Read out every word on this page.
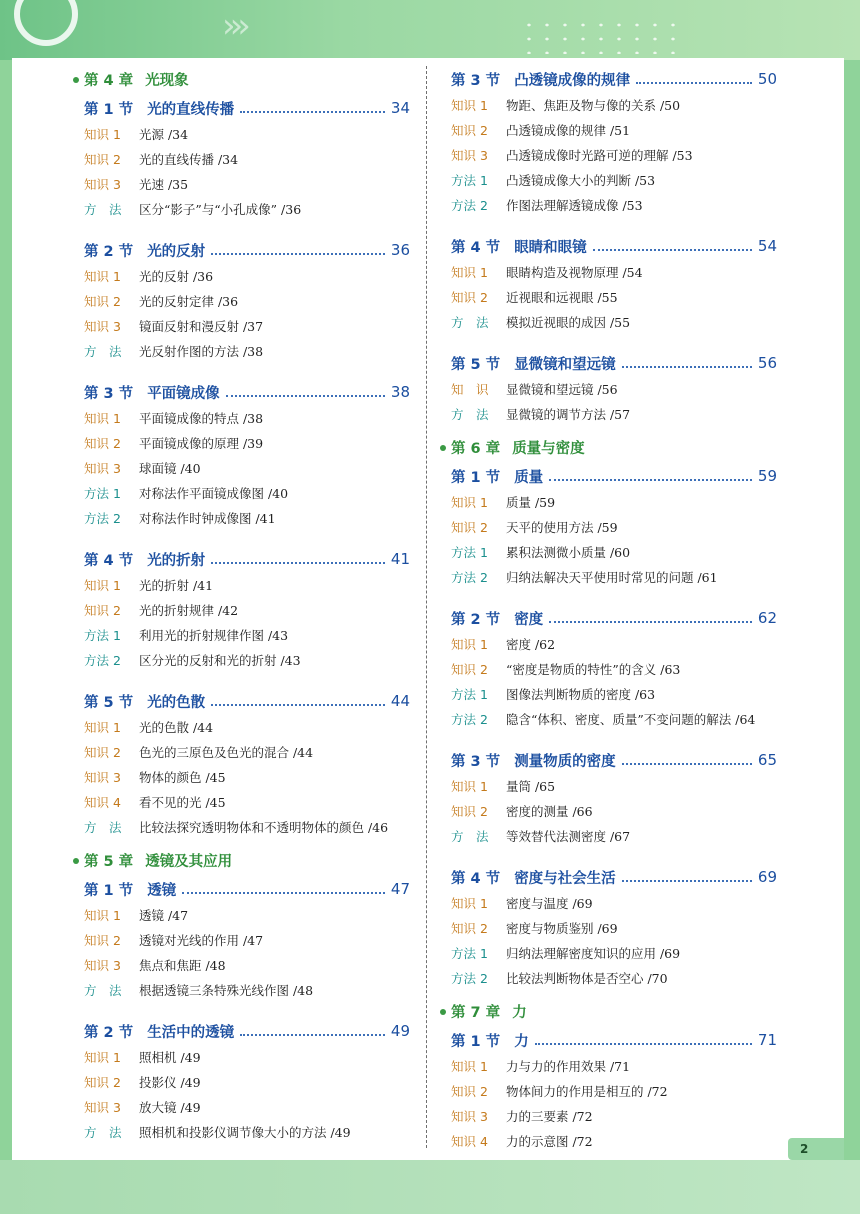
›››
第 4 章 光现象
第 1 节 光的直线传播	34
知识 1	光源 /34
知识 2	光的直线传播 /34
知识 3	光速 /35
方　法	区分“影子”与“小孔成像” /36
第 2 节 光的反射	36
知识 1	光的反射 /36
知识 2	光的反射定律 /36
知识 3	镜面反射和漫反射 /37
方　法	光反射作图的方法 /38
第 3 节 平面镜成像	38
知识 1	平面镜成像的特点 /38
知识 2	平面镜成像的原理 /39
知识 3	球面镜 /40
方法 1	对称法作平面镜成像图 /40
方法 2	对称法作时钟成像图 /41
第 4 节 光的折射	41
知识 1	光的折射 /41
知识 2	光的折射规律 /42
方法 1	利用光的折射规律作图 /43
方法 2	区分光的反射和光的折射 /43
第 5 节 光的色散	44
知识 1	光的色散 /44
知识 2	色光的三原色及色光的混合 /44
知识 3	物体的颜色 /45
知识 4	看不见的光 /45
方　法	比较法探究透明物体和不透明物体的颜色 /46
第 5 章 透镜及其应用
第 1 节 透镜	47
知识 1	透镜 /47
知识 2	透镜对光线的作用 /47
知识 3	焦点和焦距 /48
方　法	根据透镜三条特殊光线作图 /48
第 2 节 生活中的透镜	49
知识 1	照相机 /49
知识 2	投影仪 /49
知识 3	放大镜 /49
方　法	照相机和投影仪调节像大小的方法 /49
第 3 节 凸透镜成像的规律	50
知识 1	物距、焦距及物与像的关系 /50
知识 2	凸透镜成像的规律 /51
知识 3	凸透镜成像时光路可逆的理解 /53
方法 1	凸透镜成像大小的判断 /53
方法 2	作图法理解透镜成像 /53
第 4 节 眼睛和眼镜	54
知识 1	眼睛构造及视物原理 /54
知识 2	近视眼和远视眼 /55
方　法	模拟近视眼的成因 /55
第 5 节 显微镜和望远镜	56
知　识	显微镜和望远镜 /56
方　法	显微镜的调节方法 /57
第 6 章 质量与密度
第 1 节 质量	59
知识 1	质量 /59
知识 2	天平的使用方法 /59
方法 1	累积法测微小质量 /60
方法 2	归纳法解决天平使用时常见的问题 /61
第 2 节 密度	62
知识 1	密度 /62
知识 2	“密度是物质的特性”的含义 /63
方法 1	图像法判断物质的密度 /63
方法 2	隐含“体积、密度、质量”不变问题的解法 /64
第 3 节 测量物质的密度	65
知识 1	量筒 /65
知识 2	密度的测量 /66
方　法	等效替代法测密度 /67
第 4 节 密度与社会生活	69
知识 1	密度与温度 /69
知识 2	密度与物质鉴别 /69
方法 1	归纳法理解密度知识的应用 /69
方法 2	比较法判断物体是否空心 /70
第 7 章 力
第 1 节 力	71
知识 1	力与力的作用效果 /71
知识 2	物体间力的作用是相互的 /72
知识 3	力的三要素 /72
知识 4	力的示意图 /72
2
